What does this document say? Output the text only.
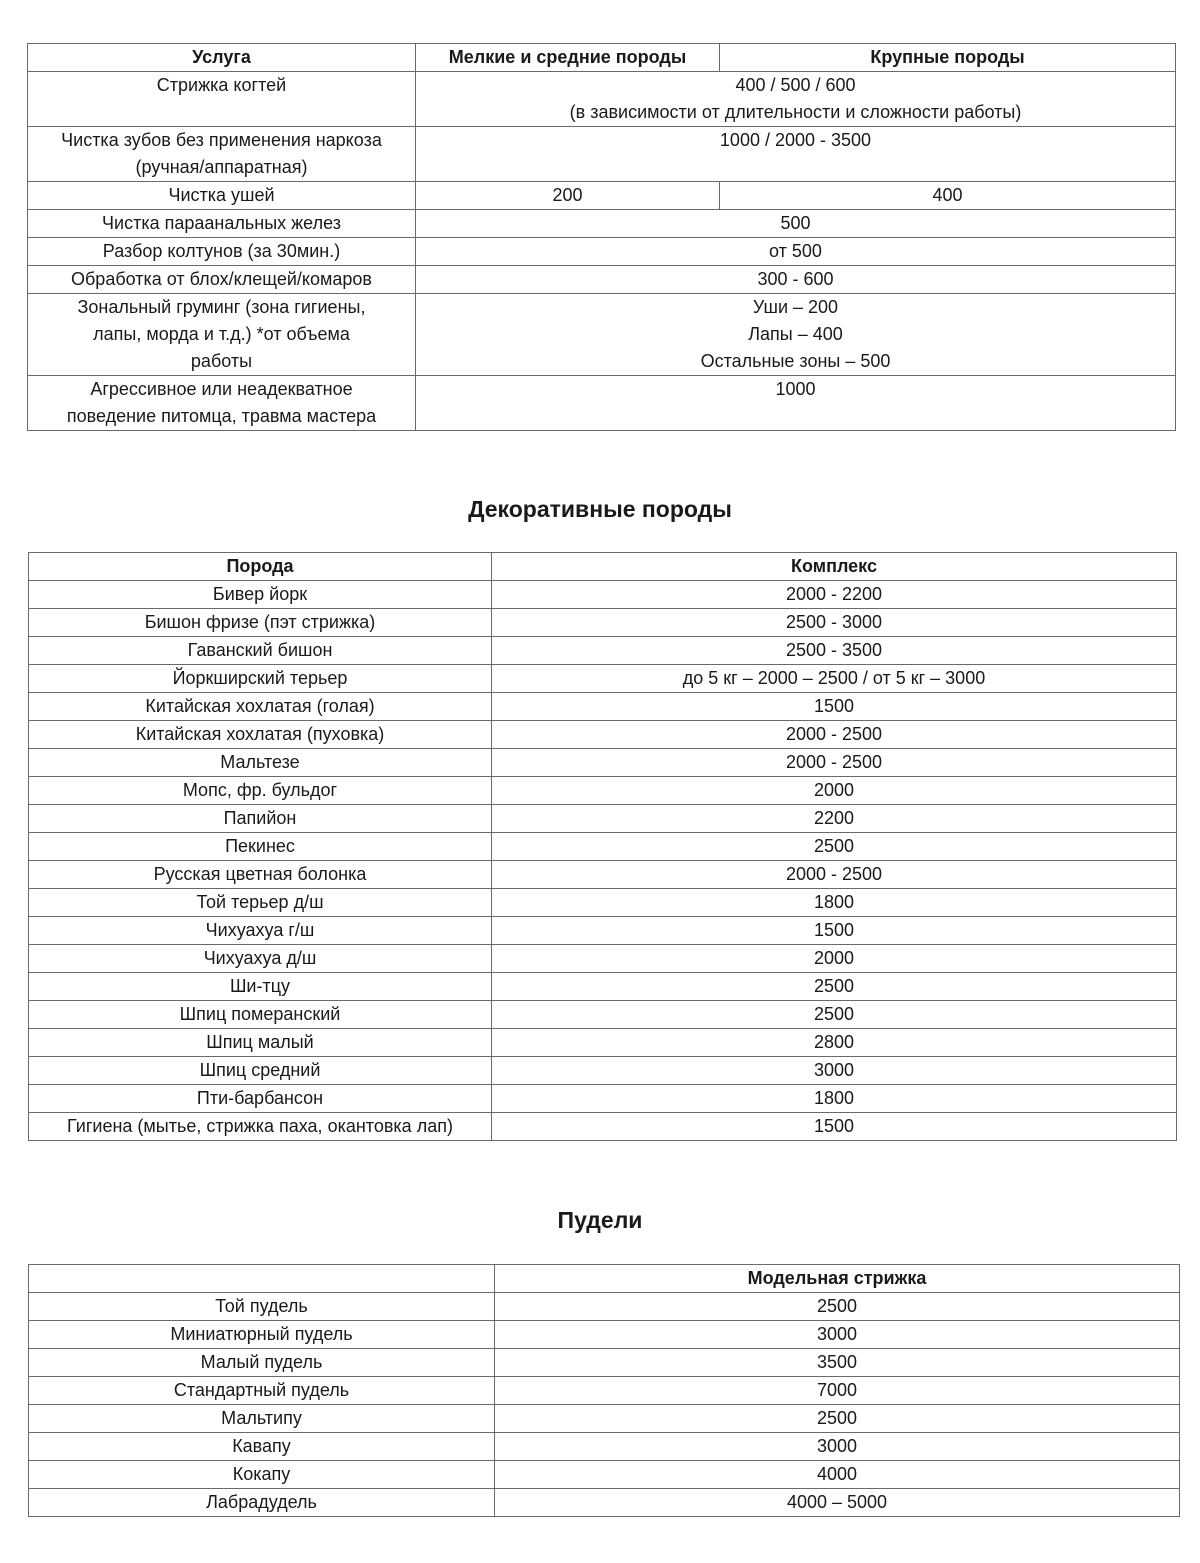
Услуга	Мелкие и средние породы	Крупные породы

Стрижка когтей	400 / 500 / 600
(в зависимости от длительности и сложности работы)	

Чистка зубов без применения наркоза
(ручная/аппаратная)	1000 / 2000 - 3500	

Чистка ушей	200	400

Чистка параанальных желез	500	

Разбор колтунов (за 30мин.)	от 500	

Обработка от блох/клещей/комаров	300 - 600	

Зональный груминг (зона гигиены,
лапы, морда и т.д.) *от объема
работы	Уши – 200
Лапы – 400
Остальные зоны – 500	

Агрессивное или неадекватное
поведение питомца, травма мастера	1000	
Декоративные породы
Порода	Комплекс
Бивер йорк	2000 - 2200
Бишон фризе (пэт стрижка)	2500 - 3000
Гаванский бишон	2500 - 3500
Йоркширский терьер	до 5 кг – 2000 – 2500 / от 5 кг – 3000
Китайская хохлатая (голая)	1500
Китайская хохлатая (пуховка)	2000 - 2500
Мальтезе	2000 - 2500
Мопс, фр. бульдог	2000
Папийон	2200
Пекинес	2500
Русская цветная болонка	2000 - 2500
Той терьер д/ш	1800
Чихуахуа г/ш	1500
Чихуахуа д/ш	2000
Ши-тцу	2500
Шпиц померанский	2500
Шпиц малый	2800
Шпиц средний	3000
Пти-барбансон	1800
Гигиена (мытье, стрижка паха, окантовка лап)	1500
Пудели
	Модельная стрижка
Той пудель	2500
Миниатюрный пудель	3000
Малый пудель	3500
Стандартный пудель	7000
Мальтипу	2500
Кавапу	3000
Кокапу	4000
Лабрадудель	4000 – 5000
